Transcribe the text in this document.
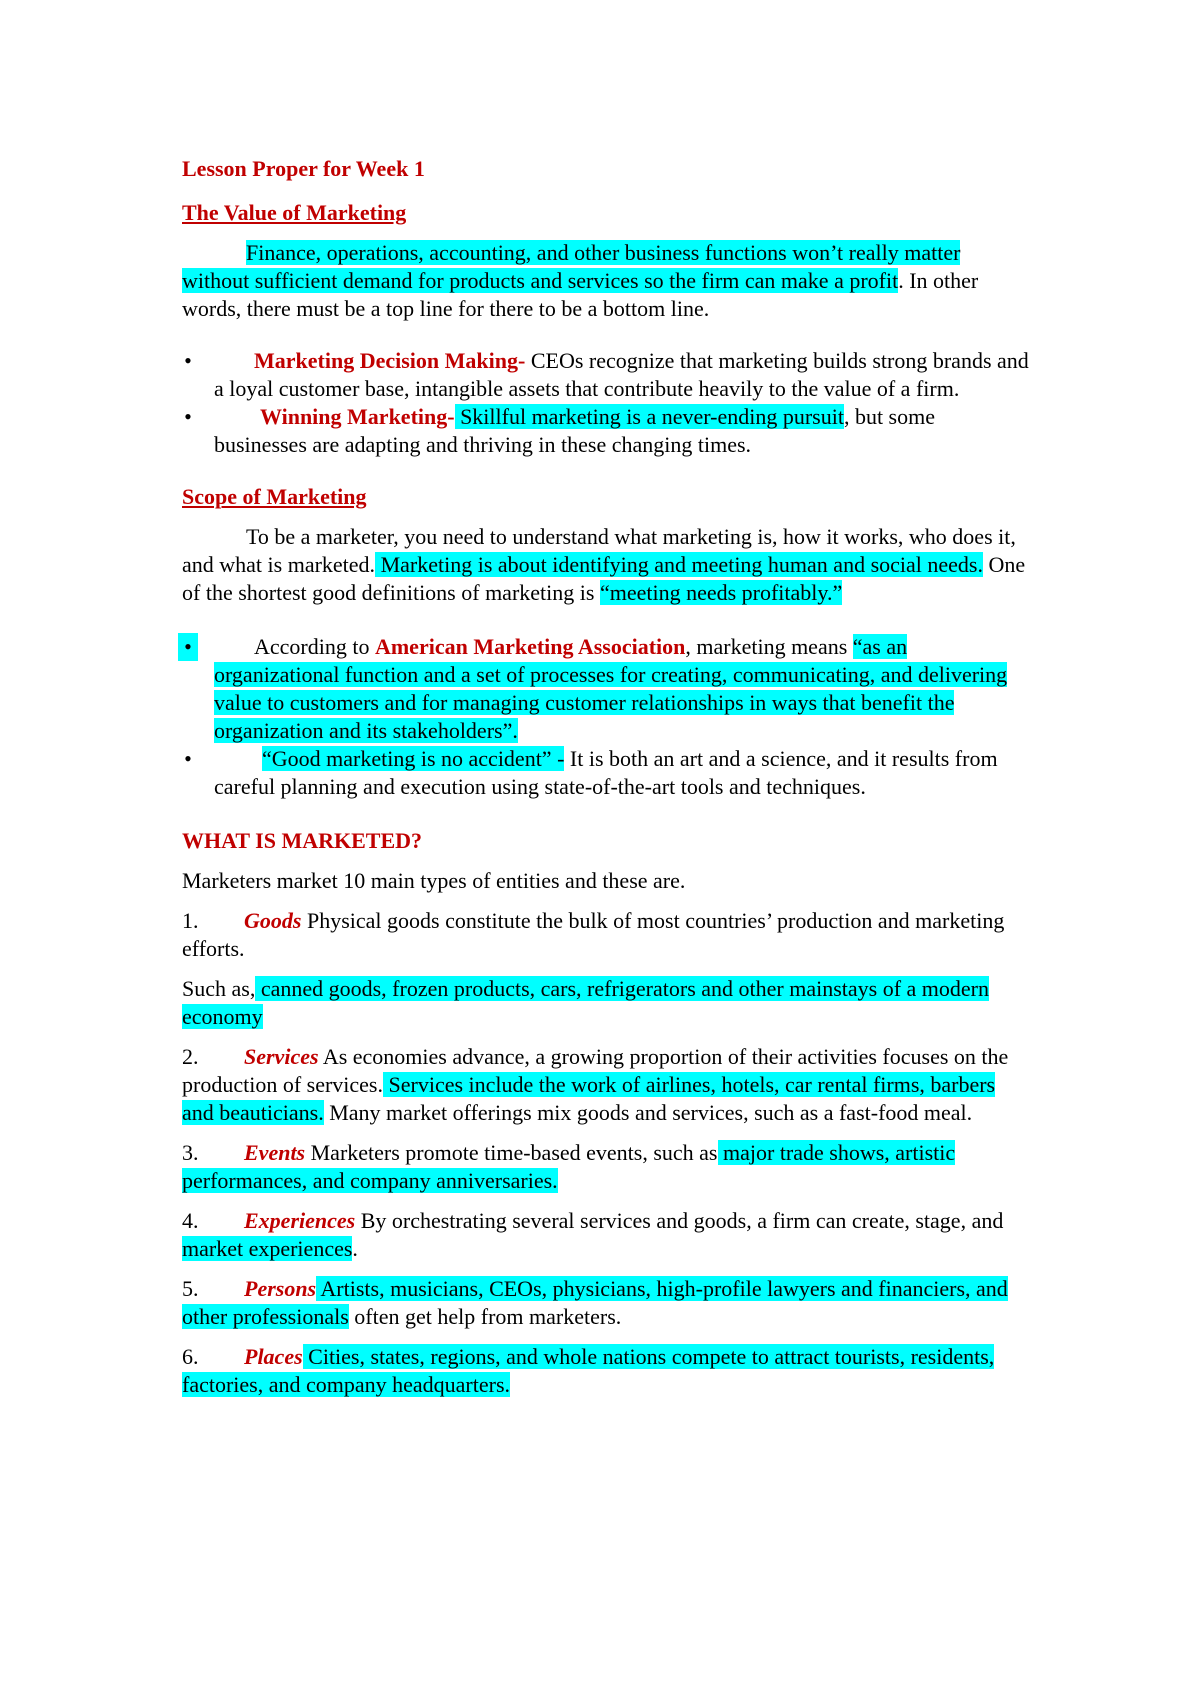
Lesson Proper for Week 1

The Value of Marketing

Finance, operations, accounting, and other business functions won’t really matter without sufficient demand for products and services so the firm can make a profit. In other words, there must be a top line for there to be a bottom line.

•	Marketing Decision Making- CEOs recognize that marketing builds strong brands and a loyal customer base, intangible assets that contribute heavily to the value of a firm.
•	Winning Marketing- Skillful marketing is a never-ending pursuit, but some businesses are adapting and thriving in these changing times.

Scope of Marketing

To be a marketer, you need to understand what marketing is, how it works, who does it, and what is marketed. Marketing is about identifying and meeting human and social needs. One of the shortest good definitions of marketing is “meeting needs profitably.”

•	According to American Marketing Association, marketing means “as an organizational function and a set of processes for creating, communicating, and delivering value to customers and for managing customer relationships in ways that benefit the organization and its stakeholders”.
•	“Good marketing is no accident” - It is both an art and a science, and it results from careful planning and execution using state-of-the-art tools and techniques.

WHAT IS MARKETED?

Marketers market 10 main types of entities and these are.

1. Goods Physical goods constitute the bulk of most countries’ production and marketing efforts.

Such as, canned goods, frozen products, cars, refrigerators and other mainstays of a modern economy

2. Services As economies advance, a growing proportion of their activities focuses on the production of services. Services include the work of airlines, hotels, car rental firms, barbers and beauticians. Many market offerings mix goods and services, such as a fast-food meal.

3. Events Marketers promote time-based events, such as major trade shows, artistic performances, and company anniversaries.

4. Experiences By orchestrating several services and goods, a firm can create, stage, and market experiences.

5. Persons Artists, musicians, CEOs, physicians, high-profile lawyers and financiers, and other professionals often get help from marketers.

6. Places Cities, states, regions, and whole nations compete to attract tourists, residents, factories, and company headquarters.
